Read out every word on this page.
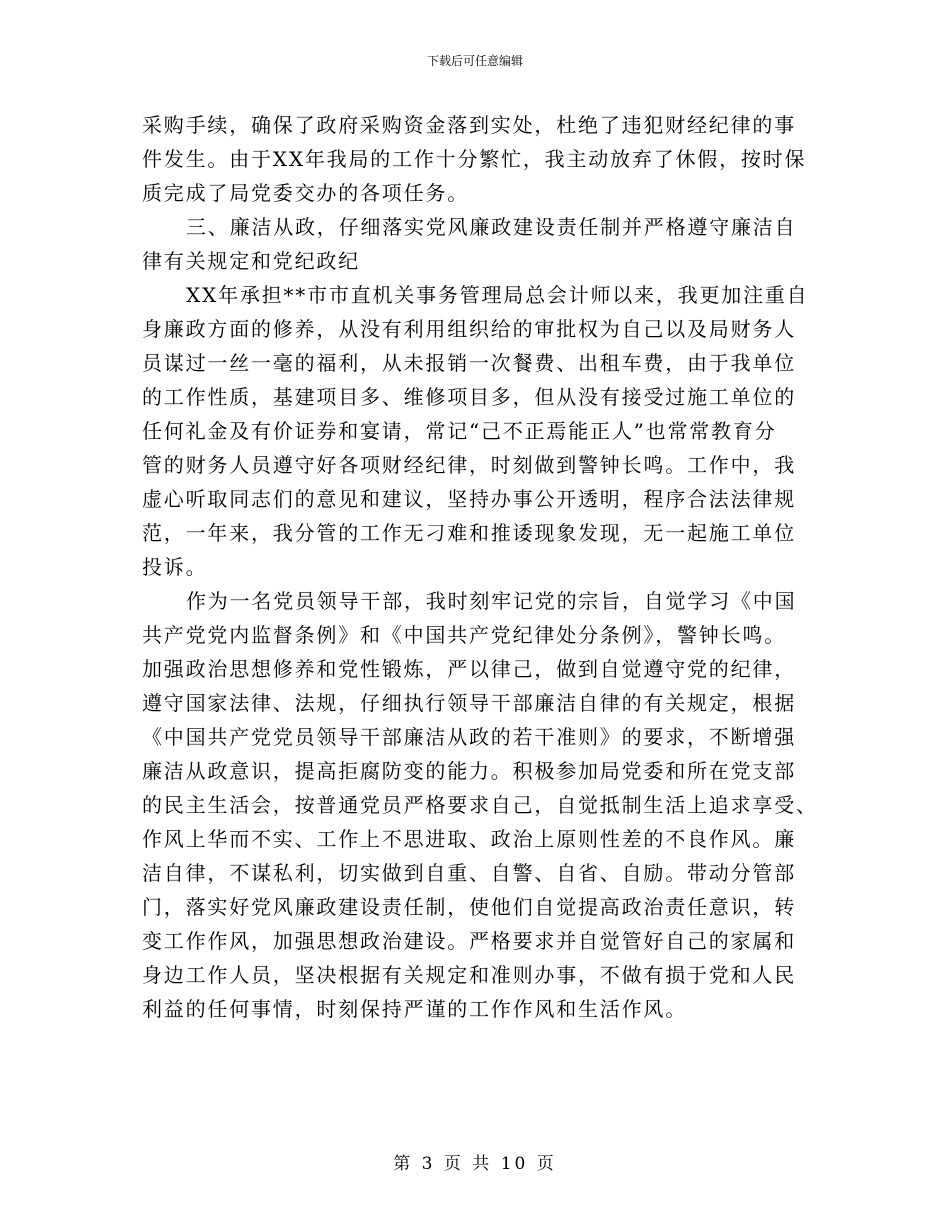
下载后可任意编辑
采购手续，确保了政府采购资金落到实处，杜绝了违犯财经纪律的事
件发生。由于XX年我局的工作十分繁忙，我主动放弃了休假，按时保
质完成了局党委交办的各项任务。
三、廉洁从政，仔细落实党风廉政建设责任制并严格遵守廉洁自
律有关规定和党纪政纪
XX年承担**市市直机关事务管理局总会计师以来，我更加注重自
身廉政方面的修养，从没有利用组织给的审批权为自己以及局财务人
员谋过一丝一毫的福利，从未报销一次餐费、出租车费，由于我单位
的工作性质，基建项目多、维修项目多，但从没有接受过施工单位的
任何礼金及有价证券和宴请，常记“己不正焉能正人”也常常教育分
管的财务人员遵守好各项财经纪律，时刻做到警钟长鸣。工作中，我
虚心听取同志们的意见和建议，坚持办事公开透明，程序合法法律规
范，一年来，我分管的工作无刁难和推诿现象发现，无一起施工单位
投诉。
作为一名党员领导干部，我时刻牢记党的宗旨，自觉学习《中国
共产党党内监督条例》和《中国共产党纪律处分条例》，警钟长鸣。
加强政治思想修养和党性锻炼，严以律己，做到自觉遵守党的纪律，
遵守国家法律、法规，仔细执行领导干部廉洁自律的有关规定，根据
《中国共产党党员领导干部廉洁从政的若干准则》的要求，不断增强
廉洁从政意识，提高拒腐防变的能力。积极参加局党委和所在党支部
的民主生活会，按普通党员严格要求自己，自觉抵制生活上追求享受、
作风上华而不实、工作上不思进取、政治上原则性差的不良作风。廉
洁自律，不谋私利，切实做到自重、自警、自省、自励。带动分管部
门，落实好党风廉政建设责任制，使他们自觉提高政治责任意识，转
变工作作风，加强思想政治建设。严格要求并自觉管好自己的家属和
身边工作人员，坚决根据有关规定和准则办事，不做有损于党和人民
利益的任何事情，时刻保持严谨的工作作风和生活作风。
第 3 页 共 10 页
